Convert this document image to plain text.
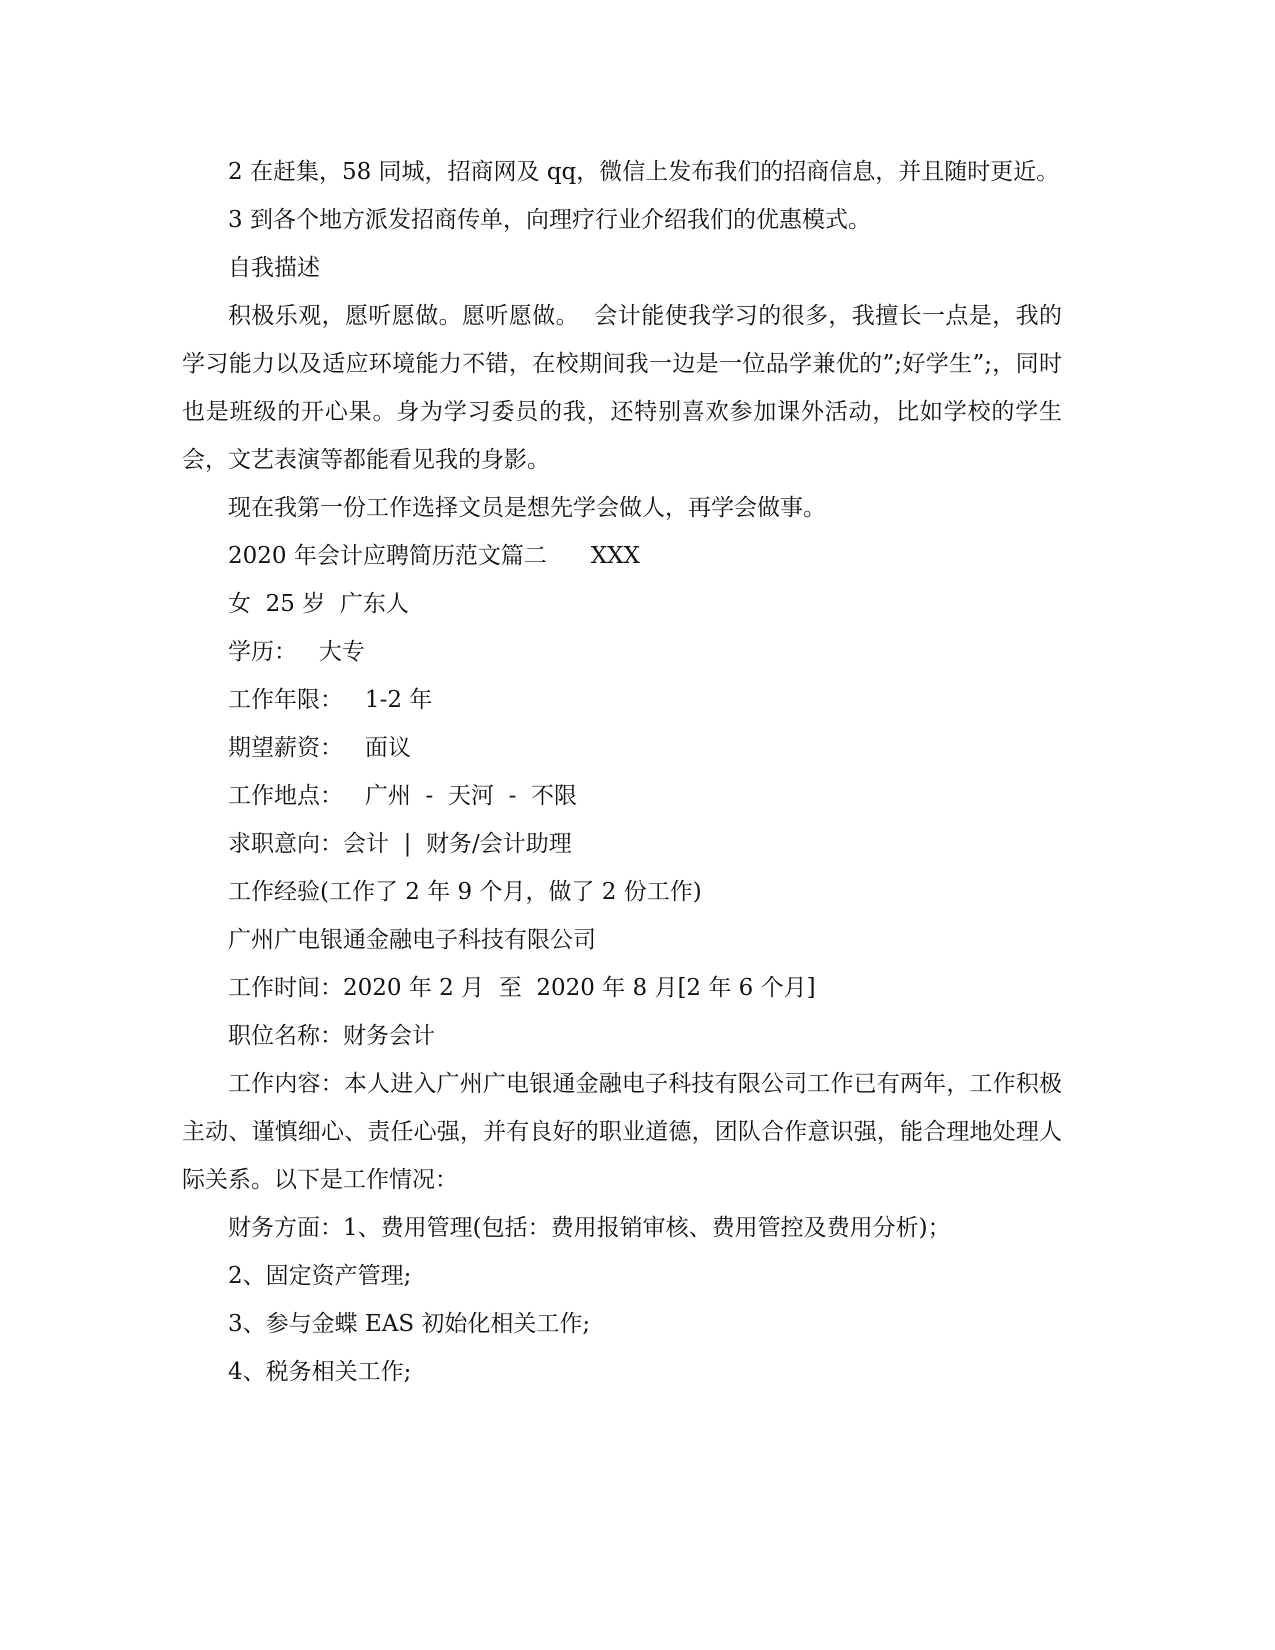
2 在赶集，58 同城，招商网及 qq，微信上发布我们的招商信息，并且随时更近。

3 到各个地方派发招商传单，向理疗行业介绍我们的优惠模式。

自我描述

积极乐观，愿听愿做。愿听愿做。  会计能使我学习的很多，我擅长一点是，我的学习能力以及适应环境能力不错，在校期间我一边是一位品学兼优的”;好学生”;，同时也是班级的开心果。身为学习委员的我，还特别喜欢参加课外活动，比如学校的学生会，文艺表演等都能看见我的身影。

现在我第一份工作选择文员是想先学会做人，再学会做事。

2020 年会计应聘简历范文篇二      XXX

女  25 岁  广东人

学历：   大专

工作年限：   1-2 年

期望薪资：   面议

工作地点：   广州  -  天河  -  不限

求职意向：会计  |  财务/会计助理

工作经验(工作了 2 年 9 个月，做了 2 份工作)

广州广电银通金融电子科技有限公司

工作时间：2020 年 2 月  至  2020 年 8 月[2 年 6 个月]

职位名称：财务会计

工作内容：本人进入广州广电银通金融电子科技有限公司工作已有两年，工作积极主动、谨慎细心、责任心强，并有良好的职业道德，团队合作意识强，能合理地处理人际关系。以下是工作情况：

财务方面：1、费用管理(包括：费用报销审核、费用管控及费用分析)；

2、固定资产管理;

3、参与金蝶 EAS 初始化相关工作;

4、税务相关工作;
